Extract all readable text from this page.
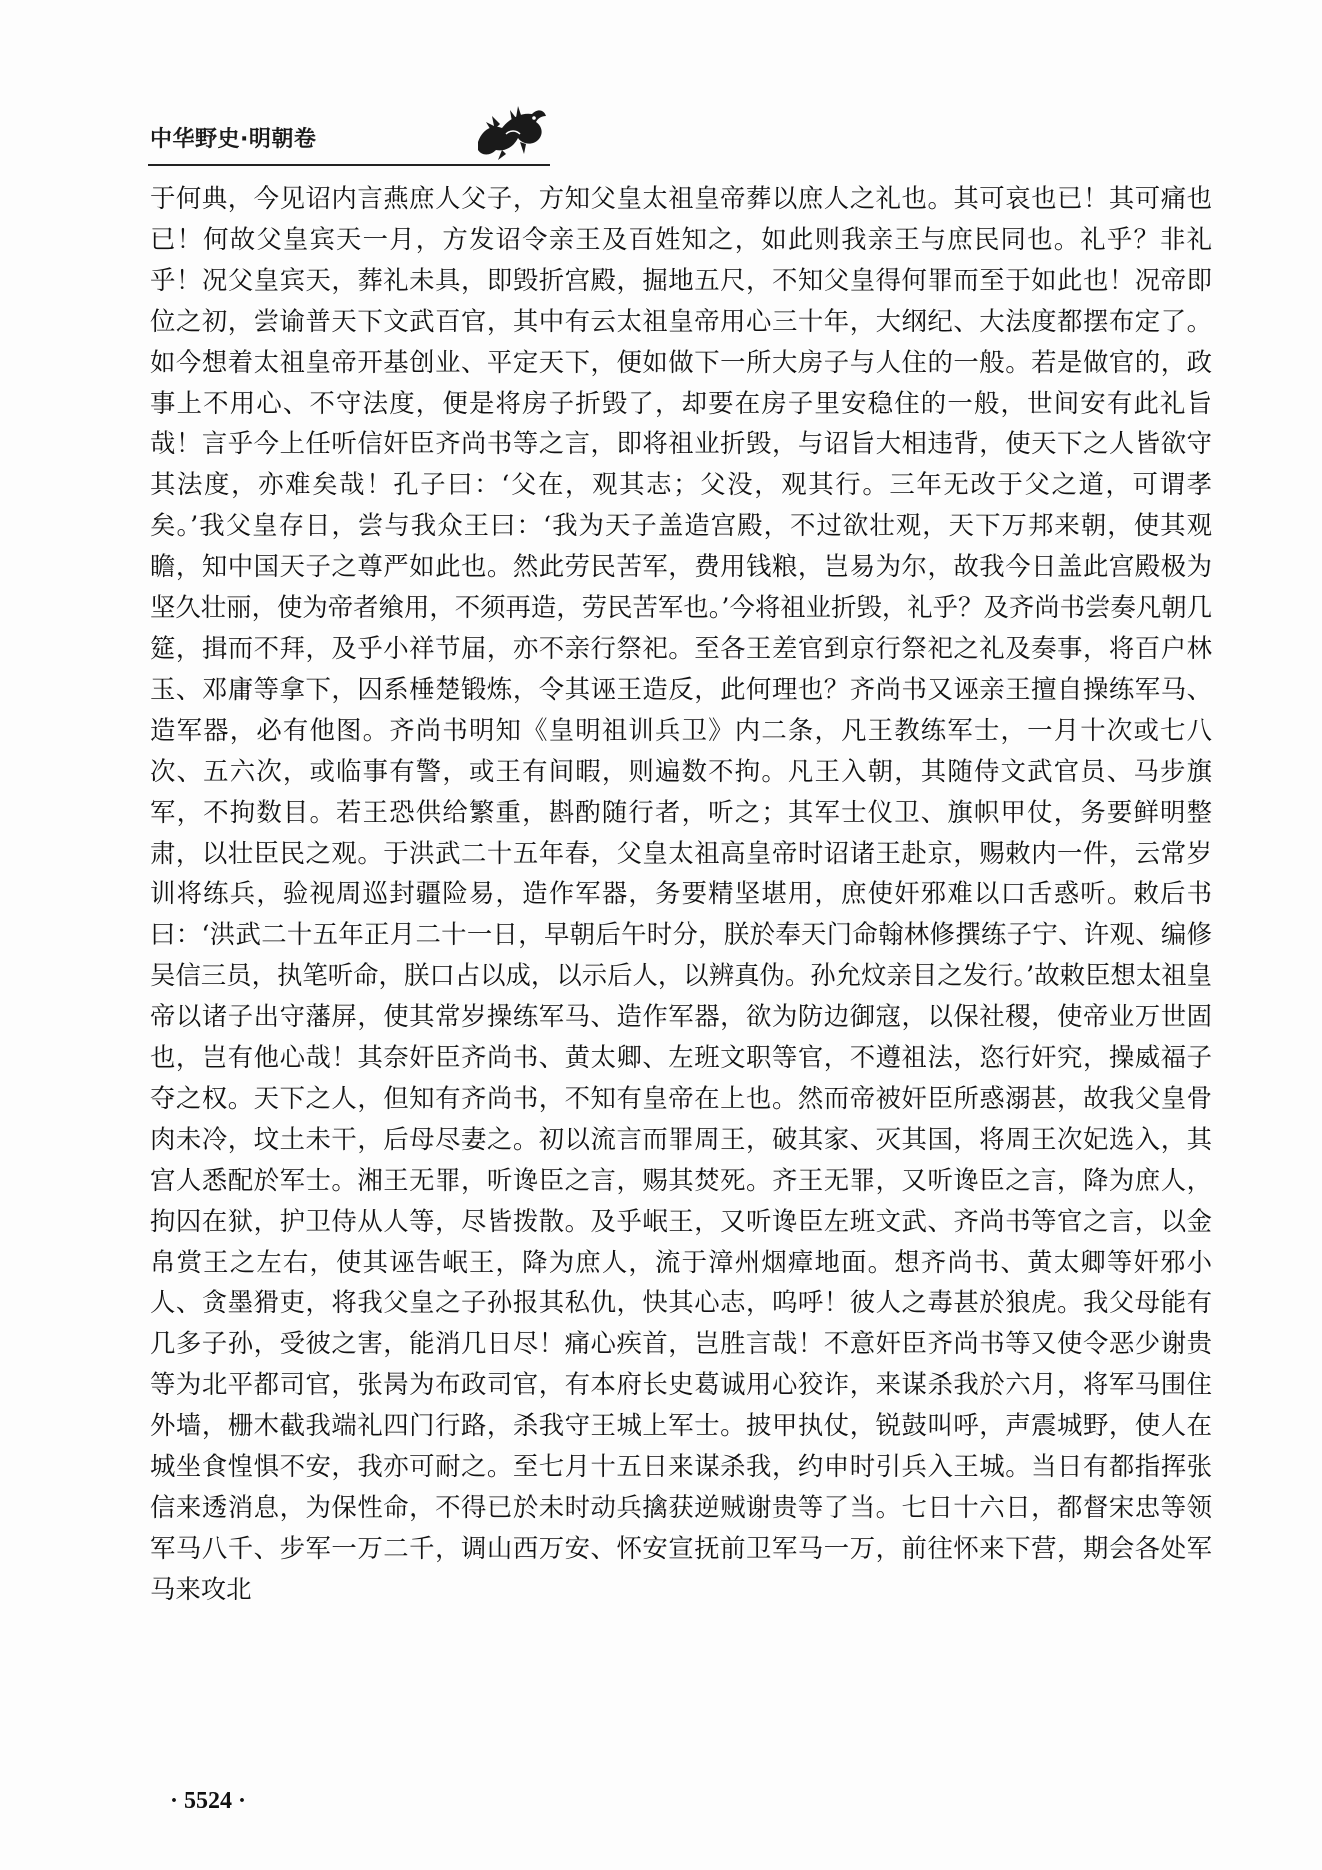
中华野史·明朝卷

于何典，今见诏内言燕庶人父子，方知父皇太祖皇帝葬以庶人之礼也。其可哀也已！其可痛也已！何故父皇宾天一月，方发诏令亲王及百姓知之，如此则我亲王与庶民同也。礼乎？非礼乎！况父皇宾天，葬礼未具，即毁折宫殿，掘地五尺，不知父皇得何罪而至于如此也！况帝即位之初，尝谕普天下文武百官，其中有云太祖皇帝用心三十年，大纲纪、大法度都摆布定了。如今想着太祖皇帝开基创业、平定天下，便如做下一所大房子与人住的一般。若是做官的，政事上不用心、不守法度，便是将房子折毁了，却要在房子里安稳住的一般，世间安有此礼旨哉！言乎今上任听信奸臣齐尚书等之言，即将祖业折毁，与诏旨大相违背，使天下之人皆欲守其法度，亦难矣哉！孔子曰：‘父在，观其志；父没，观其行。三年无改于父之道，可谓孝矣。’我父皇存日，尝与我众王曰：‘我为天子盖造宫殿，不过欲壮观，天下万邦来朝，使其观瞻，知中国天子之尊严如此也。然此劳民苦军，费用钱粮，岂易为尔，故我今日盖此宫殿极为坚久壮丽，使为帝者飨用，不须再造，劳民苦军也。’今将祖业折毁，礼乎？及齐尚书尝奏凡朝几筵，揖而不拜，及乎小祥节届，亦不亲行祭祀。至各王差官到京行祭祀之礼及奏事，将百户林玉、邓庸等拿下，囚系棰楚锻炼，令其诬王造反，此何理也？齐尚书又诬亲王擅自操练军马、造军器，必有他图。齐尚书明知《皇明祖训兵卫》内二条，凡王教练军士，一月十次或七八次、五六次，或临事有警，或王有间暇，则遍数不拘。凡王入朝，其随侍文武官员、马步旗军，不拘数目。若王恐供给繁重，斟酌随行者，听之；其军士仪卫、旗帜甲仗，务要鲜明整肃，以壮臣民之观。于洪武二十五年春，父皇太祖高皇帝时诏诸王赴京，赐敕内一件，云常岁训将练兵，验视周巡封疆险易，造作军器，务要精坚堪用，庶使奸邪难以口舌惑听。敕后书曰：‘洪武二十五年正月二十一日，早朝后午时分，朕於奉天门命翰林修撰练子宁、许观、编修吴信三员，执笔听命，朕口占以成，以示后人，以辨真伪。孙允炆亲目之发行。’故敕臣想太祖皇帝以诸子出守藩屏，使其常岁操练军马、造作军器，欲为防边御寇，以保社稷，使帝业万世固也，岂有他心哉！其奈奸臣齐尚书、黄太卿、左班文职等官，不遵祖法，恣行奸究，操威福子夺之权。天下之人，但知有齐尚书，不知有皇帝在上也。然而帝被奸臣所惑溺甚，故我父皇骨肉未冷，坟土未干，后母尽妻之。初以流言而罪周王，破其家、灭其国，将周王次妃选入，其宫人悉配於军士。湘王无罪，听谗臣之言，赐其焚死。齐王无罪，又听谗臣之言，降为庶人，拘囚在狱，护卫侍从人等，尽皆拨散。及乎岷王，又听谗臣左班文武、齐尚书等官之言，以金帛赏王之左右，使其诬告岷王，降为庶人，流于漳州烟瘴地面。想齐尚书、黄太卿等奸邪小人、贪墨猾吏，将我父皇之子孙报其私仇，快其心志，呜呼！彼人之毒甚於狼虎。我父母能有几多子孙，受彼之害，能消几日尽！痛心疾首，岂胜言哉！不意奸臣齐尚书等又使令恶少谢贵等为北平都司官，张昺为布政司官，有本府长史葛诚用心狡诈，来谋杀我於六月，将军马围住外墙，栅木截我端礼四门行路，杀我守王城上军士。披甲执仗，锐鼓叫呼，声震城野，使人在城坐食惶惧不安，我亦可耐之。至七月十五日来谋杀我，约申时引兵入王城。当日有都指挥张信来透消息，为保性命，不得已於未时动兵擒获逆贼谢贵等了当。七日十六日，都督宋忠等领军马八千、步军一万二千，调山西万安、怀安宣抚前卫军马一万，前往怀来下营，期会各处军马来攻北

· 5524 ·
